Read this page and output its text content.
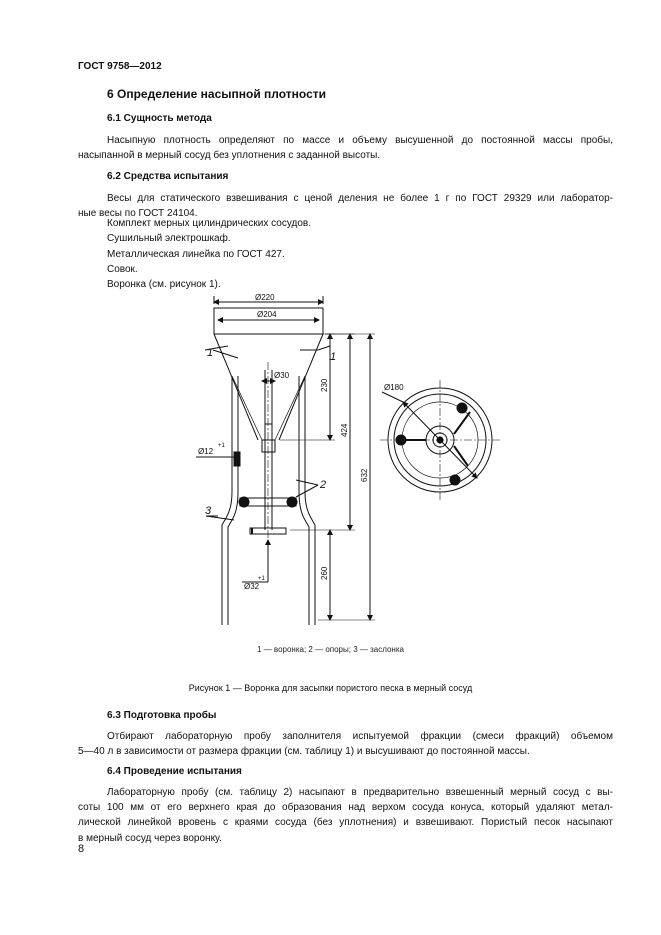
ГОСТ 9758—2012
6 Определение насыпной плотности
6.1 Сущность метода
Насыпную плотность определяют по массе и объему высушенной до постоянной массы пробы,
насыпанной в мерный сосуд без уплотнения с заданной высоты.
6.2 Средства испытания
Весы для статического взвешивания с ценой деления не более 1 г по ГОСТ 29329 или лаборатор-
ные весы по ГОСТ 24104.
Комплект мерных цилиндрических сосудов.
Сушильный электрошкаф.
Металлическая линейка по ГОСТ 427.
Совок.
Воронка (см. рисунок 1).
Ø220
Ø204
Ø30
Ø12
+1
Ø32
+1
Ø180
230
424
632
260
1	1
2
3
1 — воронка; 2 — опоры; 3 — заслонка
Рисунок 1 — Воронка для засыпки пористого песка в мерный сосуд
6.3 Подготовка пробы
Отбирают лабораторную пробу заполнителя испытуемой фракции (смеси фракций) объемом
5—40 л в зависимости от размера фракции (см. таблицу 1) и высушивают до постоянной массы.
6.4 Проведение испытания
Лабораторную пробу (см. таблицу 2) насыпают в предварительно взвешенный мерный сосуд с вы-
соты 100 мм от его верхнего края до образования над верхом сосуда конуса, который удаляют метал-
лической линейкой вровень с краями сосуда (без уплотнения) и взвешивают. Пористый песок насыпают
в мерный сосуд через воронку.
8
